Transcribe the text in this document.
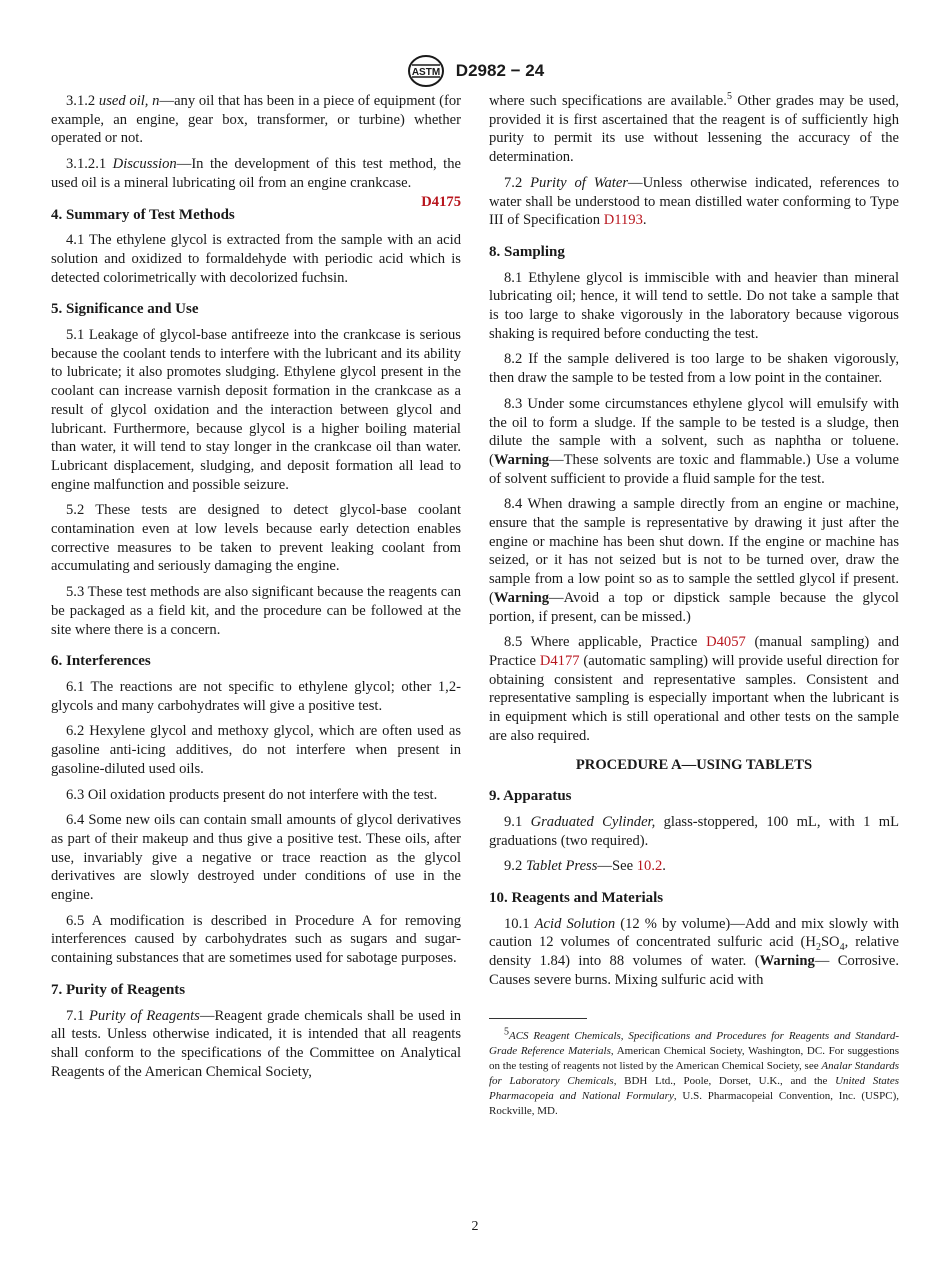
ASTM D2982 − 24

3.1.2 used oil, n—any oil that has been in a piece of equipment (for example, an engine, gear box, transformer, or turbine) whether operated or not.

3.1.2.1 Discussion—In the development of this test method, the used oil is a mineral lubricating oil from an engine crankcase.
D4175

4. Summary of Test Methods

4.1 The ethylene glycol is extracted from the sample with an acid solution and oxidized to formaldehyde with periodic acid which is detected colorimetrically with decolorized fuchsin.

5. Significance and Use

5.1 Leakage of glycol-base antifreeze into the crankcase is serious because the coolant tends to interfere with the lubricant and its ability to lubricate; it also promotes sludging. Ethylene glycol present in the coolant can increase varnish deposit formation in the crankcase as a result of glycol oxidation and the interaction between glycol and lubricant. Furthermore, because glycol is a higher boiling material than water, it will tend to stay longer in the crankcase oil than water. Lubricant displacement, sludging, and deposit formation all lead to engine malfunction and possible seizure.

5.2 These tests are designed to detect glycol-base coolant contamination even at low levels because early detection enables corrective measures to be taken to prevent leaking coolant from accumulating and seriously damaging the engine.

5.3 These test methods are also significant because the reagents can be packaged as a field kit, and the procedure can be followed at the site where there is a concern.

6. Interferences

6.1 The reactions are not specific to ethylene glycol; other 1,2-glycols and many carbohydrates will give a positive test.

6.2 Hexylene glycol and methoxy glycol, which are often used as gasoline anti-icing additives, do not interfere when present in gasoline-diluted used oils.

6.3 Oil oxidation products present do not interfere with the test.

6.4 Some new oils can contain small amounts of glycol derivatives as part of their makeup and thus give a positive test. These oils, after use, invariably give a negative or trace reaction as the glycol derivatives are slowly destroyed under conditions of use in the engine.

6.5 A modification is described in Procedure A for removing interferences caused by carbohydrates such as sugars and sugar-containing substances that are sometimes used for sabotage purposes.

7. Purity of Reagents

7.1 Purity of Reagents—Reagent grade chemicals shall be used in all tests. Unless otherwise indicated, it is intended that all reagents shall conform to the specifications of the Committee on Analytical Reagents of the American Chemical Society,

where such specifications are available.$^5$ Other grades may be used, provided it is first ascertained that the reagent is of sufficiently high purity to permit its use without lessening the accuracy of the determination.

7.2 Purity of Water—Unless otherwise indicated, references to water shall be understood to mean distilled water conforming to Type III of Specification D1193.

8. Sampling

8.1 Ethylene glycol is immiscible with and heavier than mineral lubricating oil; hence, it will tend to settle. Do not take a sample that is too large to shake vigorously in the laboratory because vigorous shaking is required before conducting the test.

8.2 If the sample delivered is too large to be shaken vigorously, then draw the sample to be tested from a low point in the container.

8.3 Under some circumstances ethylene glycol will emulsify with the oil to form a sludge. If the sample to be tested is a sludge, then dilute the sample with a solvent, such as naphtha or toluene. (Warning—These solvents are toxic and flammable.) Use a volume of solvent sufficient to provide a fluid sample for the test.

8.4 When drawing a sample directly from an engine or machine, ensure that the sample is representative by drawing it just after the engine or machine has been shut down. If the engine or machine has seized, or it has not seized but is not to be turned over, draw the sample from a low point so as to sample the settled glycol if present. (Warning—Avoid a top or dipstick sample because the glycol portion, if present, can be missed.)

8.5 Where applicable, Practice D4057 (manual sampling) and Practice D4177 (automatic sampling) will provide useful direction for obtaining consistent and representative samples. Consistent and representative sampling is especially important when the lubricant is in equipment which is still operational and other tests on the sample are also required.

PROCEDURE A—USING TABLETS

9. Apparatus

9.1 Graduated Cylinder, glass-stoppered, 100 mL, with 1 mL graduations (two required).

9.2 Tablet Press—See 10.2.

10. Reagents and Materials

10.1 Acid Solution (12 % by volume)—Add and mix slowly with caution 12 volumes of concentrated sulfuric acid ($H_2SO_4$, relative density 1.84) into 88 volumes of water. (Warning— Corrosive. Causes severe burns. Mixing sulfuric acid with

$^5$ACS Reagent Chemicals, Specifications and Procedures for Reagents and Standard-Grade Reference Materials, American Chemical Society, Washington, DC. For suggestions on the testing of reagents not listed by the American Chemical Society, see Analar Standards for Laboratory Chemicals, BDH Ltd., Poole, Dorset, U.K., and the United States Pharmacopeia and National Formulary, U.S. Pharmacopeial Convention, Inc. (USPC), Rockville, MD.

2
